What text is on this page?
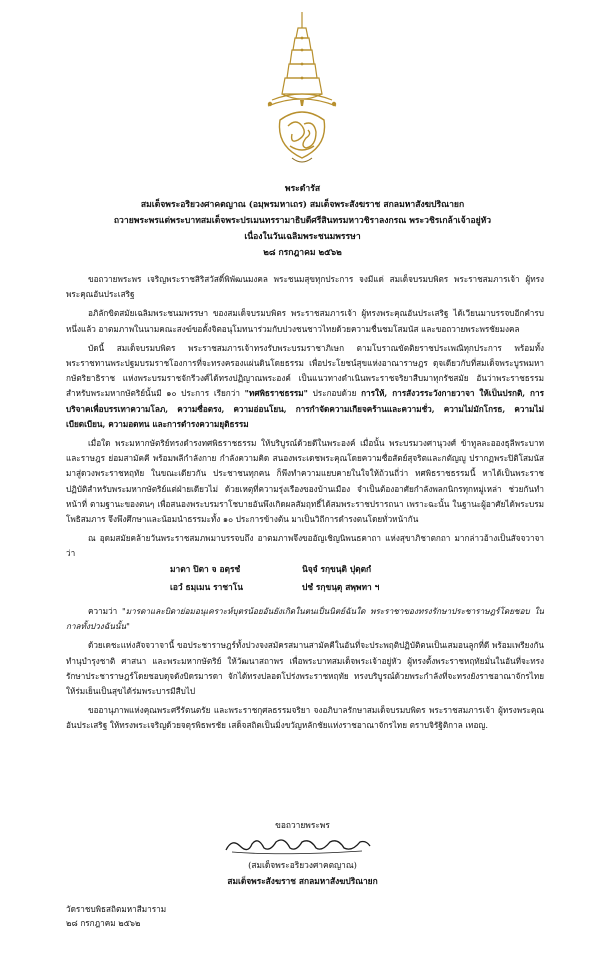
พระดำรัส
สมเด็จพระอริยวงศาคตญาณ (อมฺพรมหาเถร) สมเด็จพระสังฆราช สกลมหาสังฆปริณายก
ถวายพระพรแด่พระบาทสมเด็จพระปรเมนทรรามาธิบดีศรีสินทรมหาวชิราลงกรณ พระวชิรเกล้าเจ้าอยู่หัว
เนื่องในวันเฉลิมพระชนมพรรษา
๒๘ กรกฎาคม ๒๕๖๒

ขอถวายพระพร เจริญพระราชสิริสวัสดิ์พิพัฒนมงคล พระชนมสุขทุกประการ จงมีแด่ สมเด็จบรมบพิตร พระราชสมภารเจ้า ผู้ทรงพระคุณอันประเสริฐ

อภิลักขิตสมัยเฉลิมพระชนมพรรษา ของสมเด็จบรมบพิตร พระราชสมภารเจ้า ผู้ทรงพระคุณอันประเสริฐ ได้เวียนมาบรรจบอีกคำรบหนึ่งแล้ว อาตมภาพในนามคณะสงฆ์ขอตั้งจิตอนุโมทนาร่วมกับปวงชนชาวไทยด้วยความชื่นชมโสมนัส และขอถวายพระพรชัยมงคล

บัดนี้ สมเด็จบรมบพิตร พระราชสมภารเจ้าทรงรับพระบรมราชาภิเษก ตามโบราณขัตติยราชประเพณีทุกประการ พร้อมทั้งพระราชทานพระปฐมบรมราชโองการที่จะทรงครองแผ่นดินโดยธรรม เพื่อประโยชน์สุขแห่งอาณาราษฎร ดุจเดียวกับที่สมเด็จพระบูรพมหากษัตริยาธิราช แห่งพระบรมราชจักรีวงศ์ได้ทรงปฏิญาณพระองค์ เป็นแนวทางดำเนินพระราชจริยาสืบมาทุกรัชสมัย อันว่าพระราชธรรมสำหรับพระมหากษัตริย์นั้นมี ๑๐ ประการ เรียกว่า "ทศพิธราชธรรม" ประกอบด้วย การให้, การสังวรระวังกายวาจา ให้เป็นปรกติ, การบริจาคเพื่อบรรเทาความโลภ, ความซื่อตรง, ความอ่อนโยน, การกำจัดความเกียจคร้านและความชั่ว, ความไม่มักโกรธ, ความไม่เบียดเบียน, ความอดทน และการดำรงความยุติธรรม

เมื่อใด พระมหากษัตริย์ทรงดำรงทศพิธราชธรรม ให้บริบูรณ์ด้วยดีในพระองค์ เมื่อนั้น พระบรมวงศานุวงศ์ ข้าทูลละอองธุลีพระบาท และราษฎร ย่อมสามัคคี พร้อมพลีกำลังกาย กำลังความคิด สนองพระเดชพระคุณโดยความซื่อสัตย์สุจริตและกตัญญู ปรากฏพระปิติโสมนัสมาสู่ดวงพระราชหฤทัย ในขณะเดียวกัน ประชาชนทุกคน ก็พึงทำความแยบคายในใจให้ถ้วนถี่ว่า ทศพิธราชธรรมนี้ หาได้เป็นพระราชปฏิบัติสำหรับพระมหากษัตริย์แต่ฝ่ายเดียวไม่ ด้วยเหตุที่ความรุ่งเรืองของบ้านเมือง จำเป็นต้องอาศัยกำลังพลกนิกรทุกหมู่เหล่า ช่วยกันทำหน้าที่ ตามฐานะของตนๆ เพื่อสนองพระบรมราโชบายอันพึงเกิดผลสัมฤทธิ์ได้สมพระราชปรารถนา เพราะฉะนั้น ในฐานะผู้อาศัยได้พระบรมโพธิสมภาร จึงพึงศึกษาและน้อมนำธรรมะทั้ง ๑๐ ประการข้างต้น มาเป็นวิถีการดำรงตนโดยทั่วหน้ากัน

ณ อุดมสมัยคล้ายวันพระราชสมภพมาบรรจบถึง อาตมภาพจึงขออัญเชิญนิพนธคาถา แห่งสุขาภิชาตกถา มากล่าวอ้างเป็นสัจจวาจา ว่า

มาตา ปิตา จ อตฺรชํ
เอวํ ธมฺเมน ราชาโน
นิจฺจํ รกฺขนฺติ ปุตฺตกํ
ปชํ รกฺขนฺตุ สพฺพทา ฯ

ความว่า "มารดาและบิดาย่อมอนุเคราะห์บุตรน้อยอันยังเกิดในตนเป็นนิตย์ฉันใด พระราชาของทรงรักษาประชาราษฎร์โดยชอบ ในกาลทั้งปวงฉันนั้น"

ด้วยเดชะแห่งสัจจวาจานี้ ขอประชาราษฎร์ทั้งปวงจงสมัครสมานสามัคคีในอันที่จะประพฤติปฏิบัติตนเป็นเสมอนลูกที่ดี พร้อมเพรียงกันทำนุบำรุงชาติ ศาสนา และพระมหากษัตริย์ ให้วัฒนาสถาพร เพื่อพระบาทสมเด็จพระเจ้าอยู่หัว ผู้ทรงตั้งพระราชหฤทัยมั่นในอันที่จะทรงรักษาประชาราษฎร์โดยชอบดุจดังบิดรมารดา จักได้ทรงปลอดโปร่งพระราชหฤทัย ทรงบริบูรณ์ด้วยพระกำลังที่จะทรงยังราชอาณาจักรไทย ให้ร่มเย็นเป็นสุขได้ร่มพระบารมีสืบไป

ขออานุภาพแห่งคุณพระศรีรัตนตรัย และพระราชกุศลธรรมจริยา จงอภิบาลรักษาสมเด็จบรมบพิตร พระราชสมภารเจ้า ผู้ทรงพระคุณอันประเสริฐ ให้ทรงพระเจริญด้วยจตุรพิธพรชัย เสด็จสถิตเป็นมิ่งขวัญหลักชัยแห่งราชอาณาจักรไทย ตราบจิรัฐิติกาล เทอญ.

ขอถวายพระพร
(สมเด็จพระอริยวงศาคตญาณ)
สมเด็จพระสังฆราช สกลมหาสังฆปริณายก
วัดราชบพิธสถิตมหาสีมาราม
๒๘ กรกฎาคม ๒๕๖๒
